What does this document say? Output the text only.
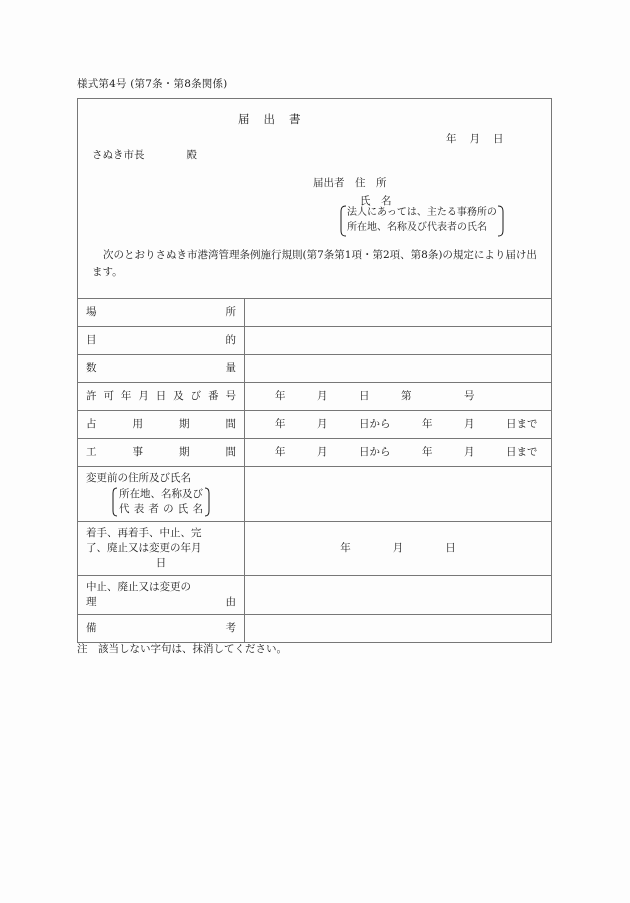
様式第4号 (第7条・第8条関係)
届出書
年月日
さぬき市長　　　　殿
届出者　住　所
氏　名
法人にあっては、主たる事務所の
所在地、名称及び代表者の氏名
次のとおりさぬき市港湾管理条例施行規則(第7条第1項・第2項、第8条)の規定により届け出ます。
場 所	

目 的	

数 量	

許 可 年 月 日 及 び 番 号	年　　　月　　　日　　　第　　　　　号

占 用 期 間	年　　　月　　　日から　　　年　　　月　　　日まで

工 事 期 間	年　　　月　　　日から　　　年　　　月　　　日まで

変更前の住所及び氏名
所在地、名称及び
代 表 者 の 氏 名

着手、再着手、中止、完
了、廃止又は変更の年月
日	年　　　　月　　　　日

中止、廃止又は変更の
理 由	

備 考	

注　該当しない字句は、抹消してください。
